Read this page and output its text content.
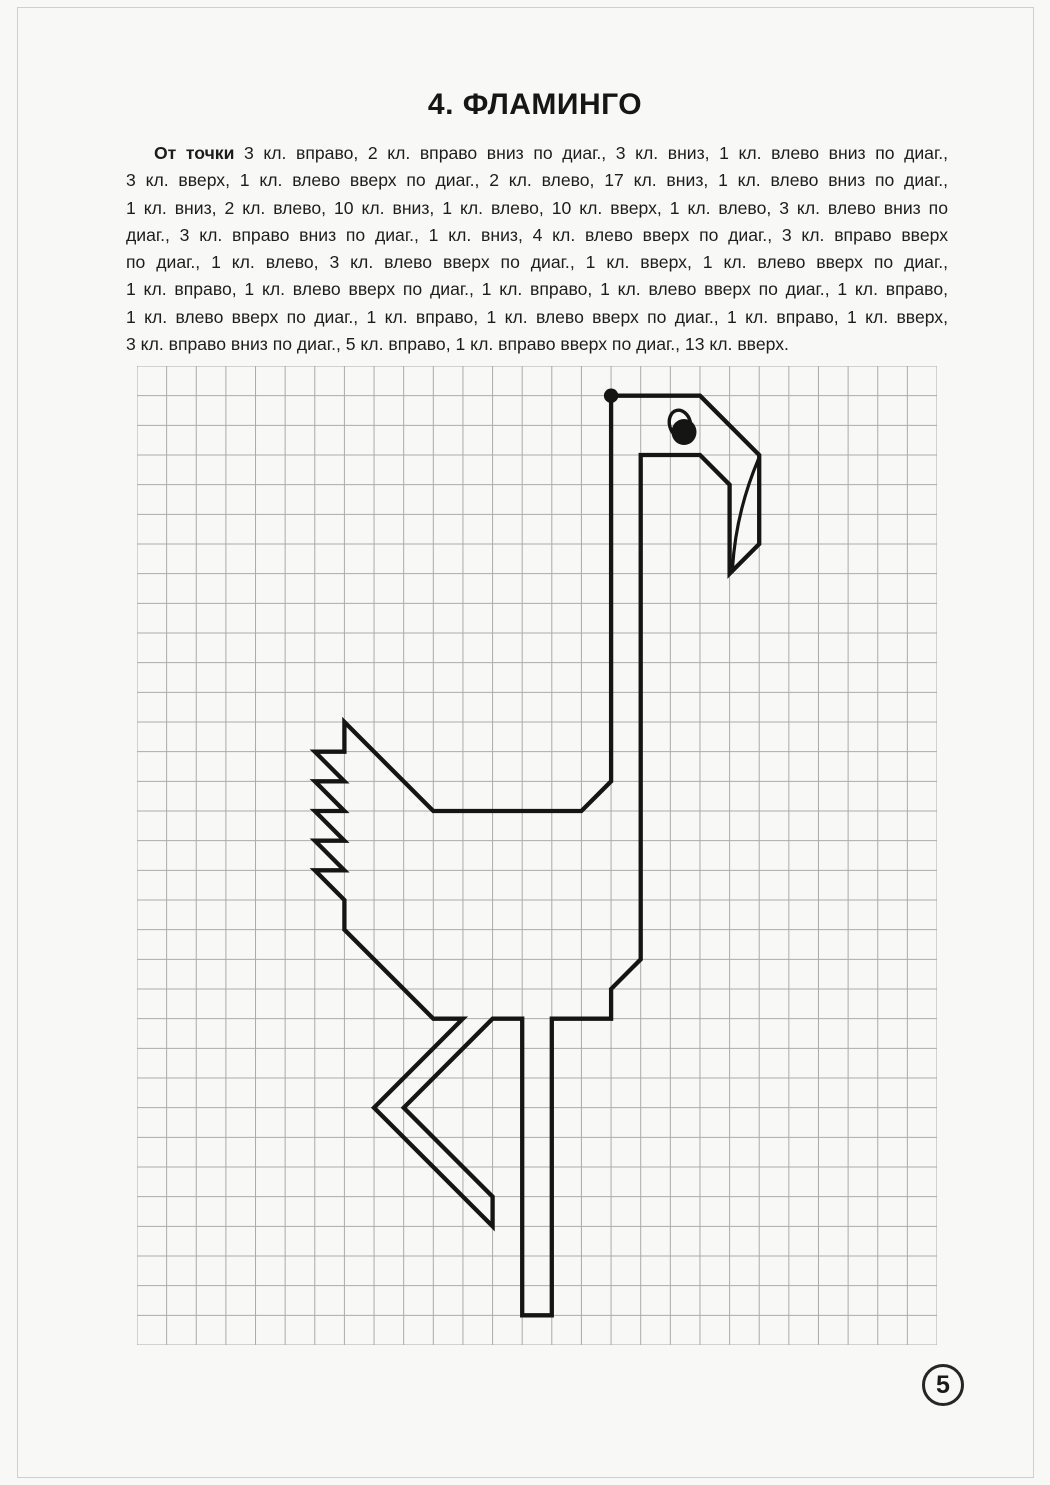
4. ФЛАМИНГО
От точки 3 кл. вправо, 2 кл. вправо вниз по диаг., 3 кл. вниз, 1 кл. влево вниз по диаг.,
3 кл. вверх, 1 кл. влево вверх по диаг., 2 кл. влево, 17 кл. вниз, 1 кл. влево вниз по диаг.,
1 кл. вниз, 2 кл. влево, 10 кл. вниз, 1 кл. влево, 10 кл. вверх, 1 кл. влево, 3 кл. влево вниз по
диаг., 3 кл. вправо вниз по диаг., 1 кл. вниз, 4 кл. влево вверх по диаг., 3 кл. вправо вверх
по диаг., 1 кл. влево, 3 кл. влево вверх по диаг., 1 кл. вверх, 1 кл. влево вверх по диаг.,
1 кл. вправо, 1 кл. влево вверх по диаг., 1 кл. вправо, 1 кл. влево вверх по диаг., 1 кл. вправо,
1 кл. влево вверх по диаг., 1 кл. вправо, 1 кл. влево вверх по диаг., 1 кл. вправо, 1 кл. вверх,
3 кл. вправо вниз по диаг., 5 кл. вправо, 1 кл. вправо вверх по диаг., 13 кл. вверх.
5
